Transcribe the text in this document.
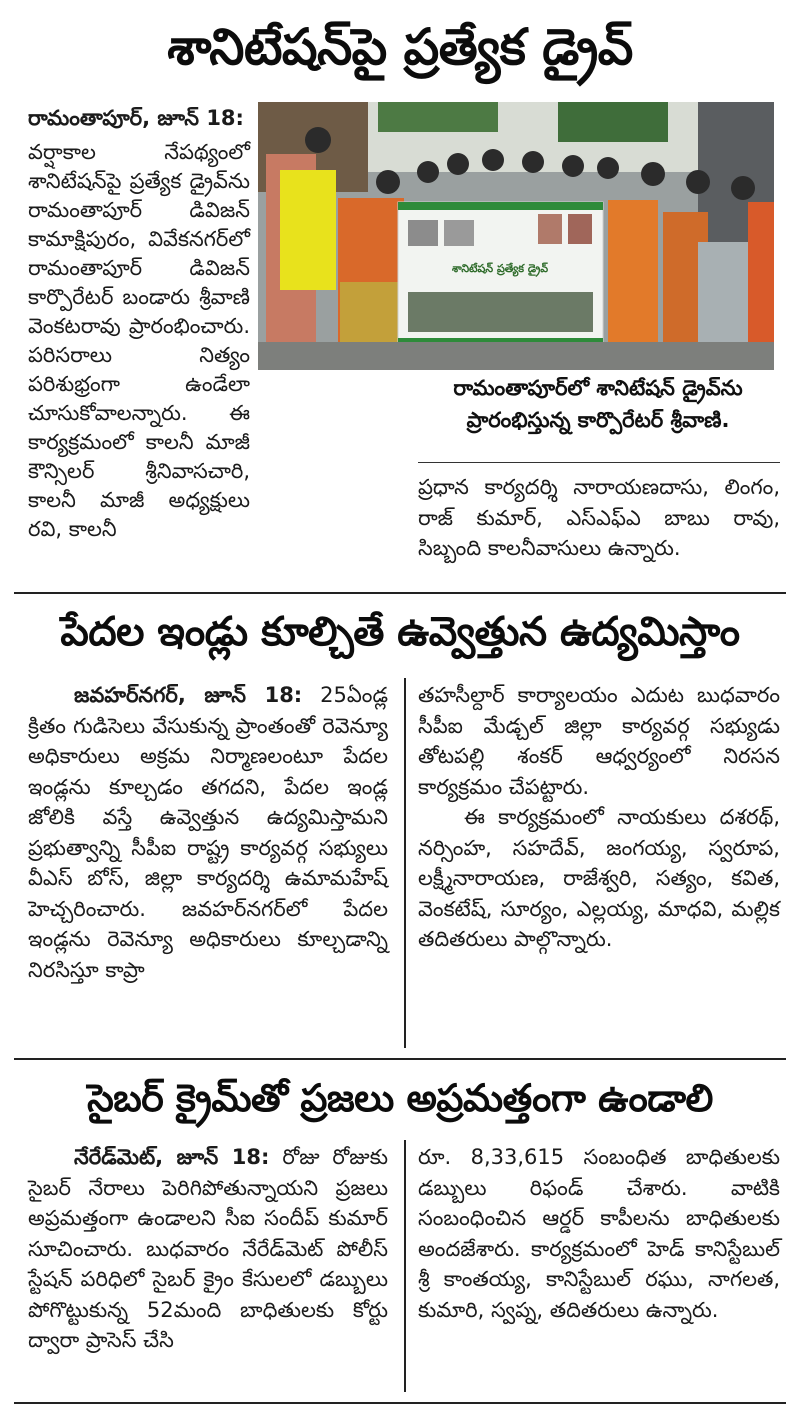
శానిటేషన్‌పై ప్రత్యేక డ్రైవ్

రామంతాపూర్, జూన్ 18:

వర్షాకాల నేపథ్యంలో శానిటేషన్‌పై ప్రత్యేక డ్రైవ్‌ను రామంతాపూర్ డివిజన్ కామాక్షిపురం, వివేక‌నగర్‌లో రామంతాపూర్ డివిజన్ కార్పొరేటర్ బండారు శ్రీవాణి వెంకటరావు ప్రారంభించారు. పరిసరాలు నిత్యం పరిశుభ్రంగా ఉండేలా చూసుకోవాలన్నారు. ఈ కార్యక్రమంలో కాలనీ మాజీ కౌన్సిలర్ శ్రీనివాసచారి, కాలనీ మాజీ అధ్యక్షులు రవి, కాలనీ

శానిటేషన్ ప్రత్యేక డ్రైవ్
రామంతాపూర్‌లో శానిటేషన్ డ్రైవ్‌ను ప్రారంభిస్తున్న కార్పొరేటర్ శ్రీవాణి.

ప్రధాన కార్యదర్శి నారాయణదాసు, లింగం, రాజ్ కుమార్, ఎస్ఎఫ్‌ఎ బాబు రావు, సిబ్బంది కాలనీవాసులు ఉన్నారు.

పేదల ఇండ్లు కూల్చితే ఉవ్వెత్తున ఉద్యమిస్తాం

జవహర్‌నగర్, జూన్ 18: 25ఏండ్ల క్రితం గుడిసెలు వేసుకున్న ప్రాంతంతో రెవెన్యూ అధికారులు అక్రమ నిర్మాణలంటూ పేదల ఇండ్లను కూల్చడం తగదని, పేదల ఇండ్ల జోలికి వస్తే ఉవ్వెత్తున ఉద్యమిస్తామని ప్రభుత్వాన్ని సీపీఐ రాష్ట్ర కార్యవర్గ సభ్యులు వీఎస్ బోస్, జిల్లా కార్యదర్శి ఉమామహేష్ హెచ్చరించారు. జవహర్‌నగర్‌లో పేదల ఇండ్లను రెవెన్యూ అధికారులు కూల్చడాన్ని నిరసిస్తూ కాప్రా

తహసీల్దార్ కార్యాలయం ఎదుట బుధవారం సీపీఐ మేడ్చల్ జిల్లా కార్యవర్గ సభ్యుడు తోటపల్లి శంకర్ ఆధ్వర్యంలో నిరసన కార్యక్రమం చేపట్టారు.

ఈ కార్యక్రమంలో నాయకులు దశరథ్, నర్సింహ, సహదేవ్, జంగయ్య, స్వరూప, లక్ష్మీనారాయణ, రాజేశ్వరి, సత్యం, కవిత, వెంకటేష్, సూర్యం, ఎల్లయ్య, మాధవి, మల్లిక తదితరులు పాల్గొన్నారు.

సైబర్ క్రైమ్‌తో ప్రజలు అప్రమత్తంగా ఉండాలి

నేరేడ్‌మెట్, జూన్ 18: రోజు రోజుకు సైబర్ నేరాలు పెరిగిపోతున్నాయని ప్రజలు అప్రమత్తంగా ఉండాలని సీఐ సందీప్ కుమార్ సూచించారు. బుధవారం నేరేడ్‌మెట్ పోలీస్ స్టేషన్ పరిధిలో సైబర్ క్రైం కేసులలో డబ్బులు పోగొట్టుకున్న 52మంది బాధితులకు కోర్టు ద్వారా ప్రాసెస్ చేసి

రూ. 8,33,615 సంబంధిత బాధితులకు డబ్బులు రిఫండ్ చేశారు. వాటికి సంబంధించిన ఆర్డర్ కాపీలను బాధితులకు అందజేశారు. కార్యక్రమంలో హెడ్ కానిస్టేబుల్ శ్రీ కాంతయ్య, కానిస్టేబుల్ రఘు, నాగలత, కుమారి, స్వప్న, తదితరులు ఉన్నారు.
